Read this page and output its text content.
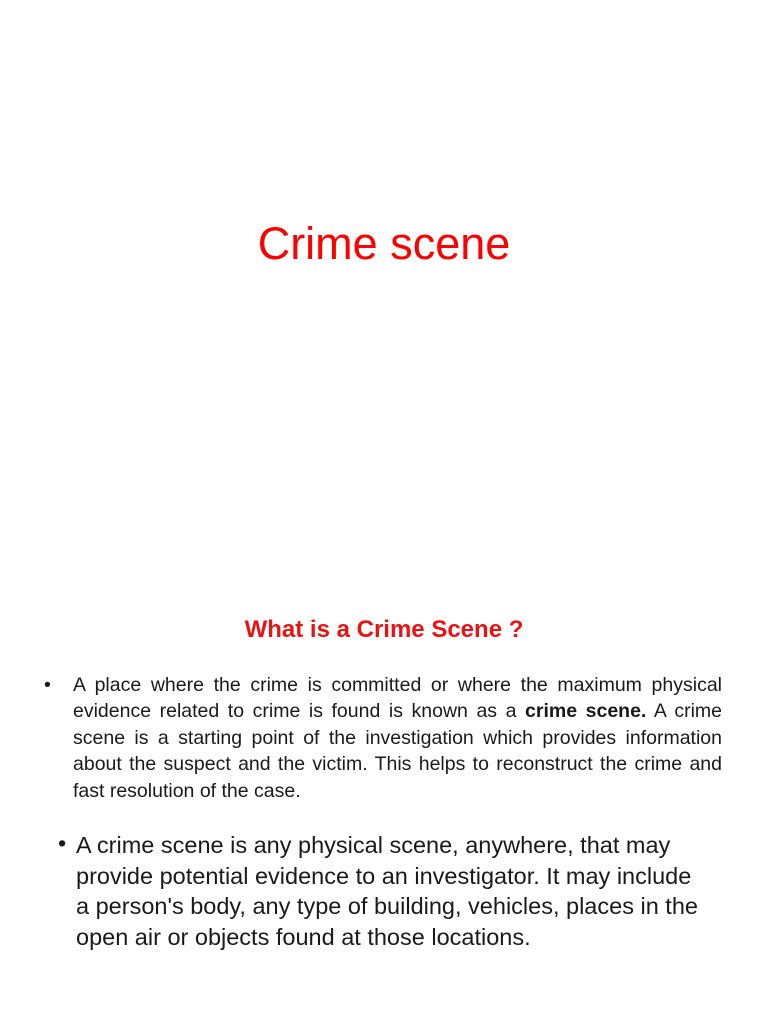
Crime scene
What is a Crime Scene ?
• A place where the crime is committed or where the maximum physical evidence related to crime is found is known as a crime scene. A crime scene is a starting point of the investigation which provides information about the suspect and the victim. This helps to reconstruct the crime and fast resolution of the case.
• A crime scene is any physical scene, anywhere, that may provide potential evidence to an investigator. It may include a person's body, any type of building, vehicles, places in the open air or objects found at those locations.
